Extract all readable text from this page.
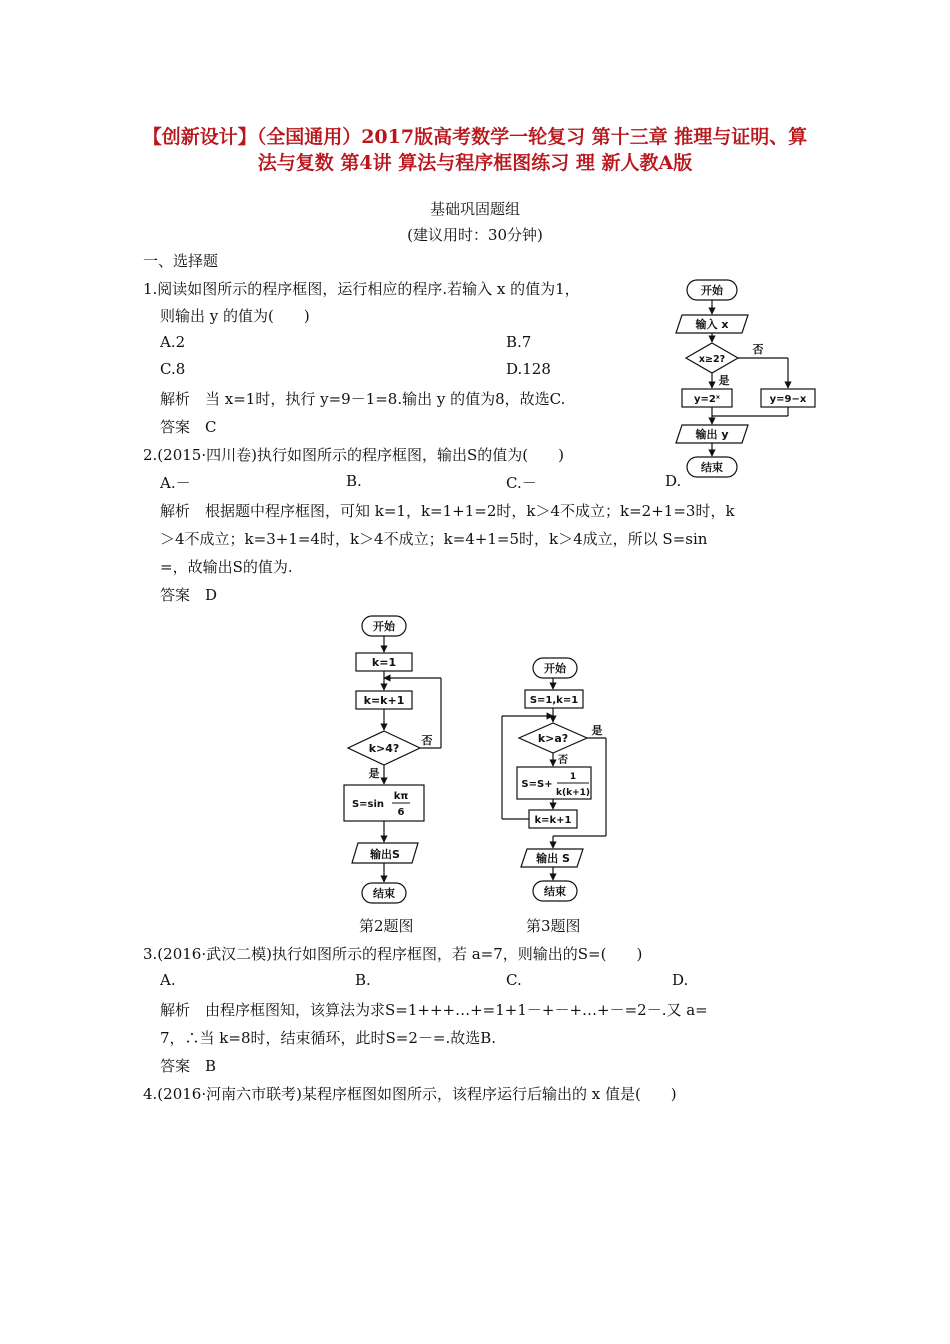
【创新设计】（全国通用）2017版高考数学一轮复习 第十三章 推理与证明、算法与复数 第4讲 算法与程序框图练习 理 新人教A版
基础巩固题组
(建议用时：30分钟)
一、选择题
1.阅读如图所示的程序框图，运行相应的程序.若输入 x 的值为1，
则输出 y 的值为(　　)
A.2	B.7
C.8	D.128
解析　当 x=1时，执行 y=9－1=8.输出 y 的值为8，故选C.
答案　C
开始
输入 x
x≥2?
否
是
y=2ˣ	y=9−x
输出 y
结束
2.(2015·四川卷)执行如图所示的程序框图，输出S的值为(　　)
A.－	B.	C.－	D.
解析　根据题中程序框图，可知 k=1，k=1+1=2时，k＞4不成立；k=2+1=3时，k
＞4不成立；k=3+1=4时，k＞4不成立；k=4+1=5时，k＞4成立，所以 S=sin
=，故输出S的值为.
答案　D
开始
k=1
k=k+1
k>4?
否
是
S=sin
kπ
6
输出S
结束
开始
S=1,k=1
k>a?
是
否
S=S+
1
k(k+1)
k=k+1
输出 S
结束
第2题图	第3题图
3.(2016·武汉二模)执行如图所示的程序框图，若 a=7，则输出的S=(　　)
A.	B.	C.	D.
解析　由程序框图知，该算法为求S=1+++…+=1+1－+－+…+－=2－.又 a=
7，∴当 k=8时，结束循环，此时S=2－=.故选B.
答案　B
4.(2016·河南六市联考)某程序框图如图所示，该程序运行后输出的 x 值是(　　)
